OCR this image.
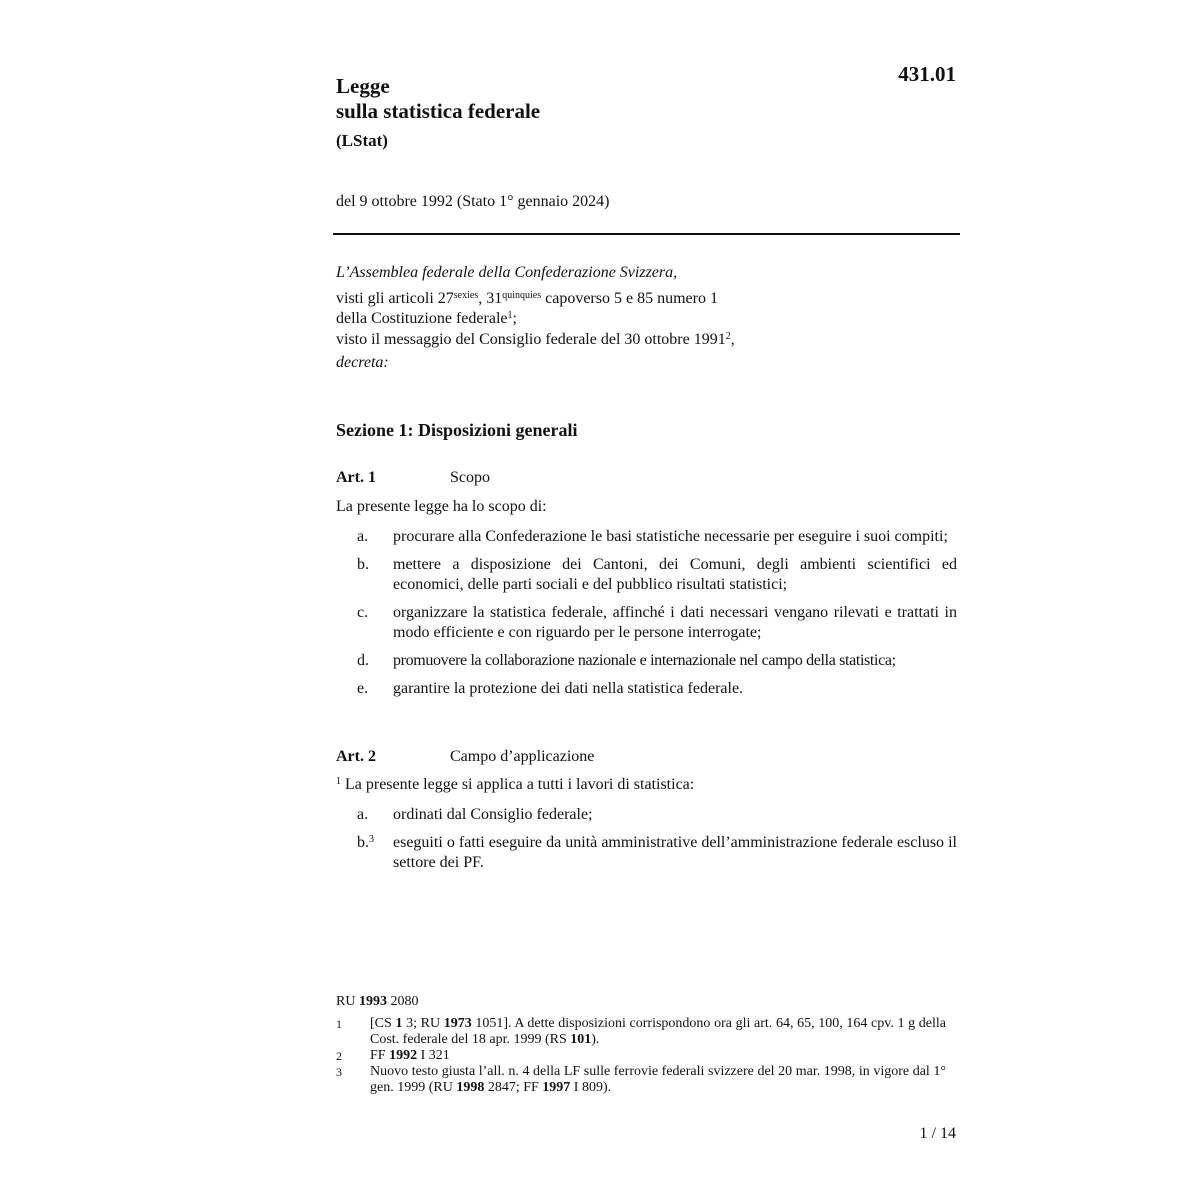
Legge
sulla statistica federale
(LStat)
431.01
del 9 ottobre 1992 (Stato 1° gennaio 2024)
L’Assemblea federale della Confederazione Svizzera,
visti gli articoli $27^{sexies}$, $31^{quinquies}$ capoverso 5 e 85 numero 1
della Costituzione federale$^1$;
visto il messaggio del Consiglio federale del 30 ottobre 1991$^2$,
decreta:
Sezione 1: Disposizioni generali
Art. 1	Scopo
La presente legge ha lo scopo di:
a. procurare alla Confederazione le basi statistiche necessarie per eseguire i suoi compiti;
b. mettere a disposizione dei Cantoni, dei Comuni, degli ambienti scientifici ed economici, delle parti sociali e del pubblico risultati statistici;
c. organizzare la statistica federale, affinché i dati necessari vengano rilevati e trattati in modo efficiente e con riguardo per le persone interrogate;
d. promuovere la collaborazione nazionale e internazionale nel campo della statistica;
e. garantire la protezione dei dati nella statistica federale.
Art. 2	Campo d’applicazione
$^1$ La presente legge si applica a tutti i lavori di statistica:
a. ordinati dal Consiglio federale;
b.$^3$ eseguiti o fatti eseguire da unità amministrative dell’amministrazione federale escluso il settore dei PF.
RU 1993 2080
1 [CS 1 3; RU 1973 1051]. A dette disposizioni corrispondono ora gli art. 64, 65, 100, 164 cpv. 1 g della Cost. federale del 18 apr. 1999 (RS 101).
2 FF 1992 I 321
3 Nuovo testo giusta l’all. n. 4 della LF sulle ferrovie federali svizzere del 20 mar. 1998, in vigore dal 1° gen. 1999 (RU 1998 2847; FF 1997 I 809).
1 / 14
